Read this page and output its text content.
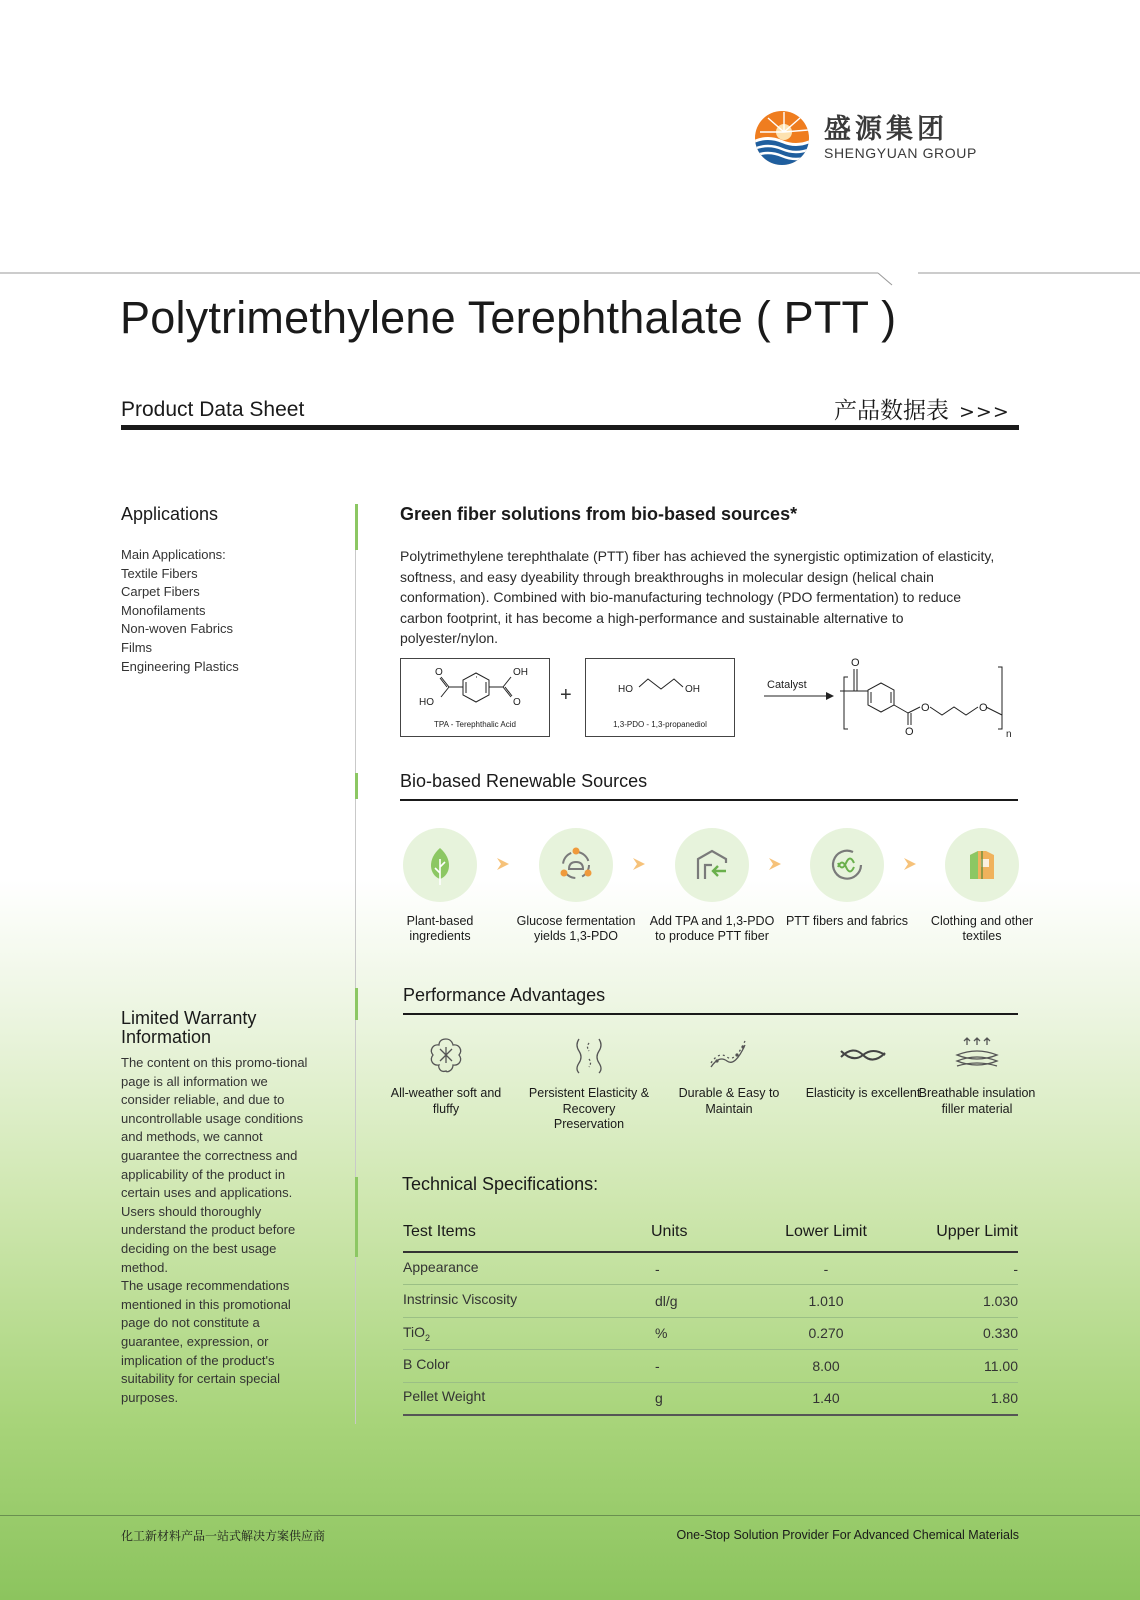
盛源集团
SHENGYUAN GROUP
Polytrimethylene Terephthalate ( PTT )
Product Data Sheet	产品数据表 >>>
Applications
Main Applications:
Textile Fibers
Carpet Fibers
Monofilaments
Non-woven Fabrics
Films
Engineering Plastics
Limited Warranty Information

The content on this promo-tional page is all information we consider reliable, and due to uncontrollable usage conditions and methods, we cannot guarantee the correctness and applicability of the product in certain uses and applications.

Users should thoroughly understand the product before deciding on the best usage method.

The usage recommendations mentioned in this promotional page do not constitute a guarantee, expression, or implication of the product's suitability for certain special purposes.

Green fiber solutions from bio-based sources*
Polytrimethylene terephthalate (PTT) fiber has achieved the synergistic optimization of elasticity, softness, and easy dyeability through breakthroughs in molecular design (helical chain conformation). Combined with bio-manufacturing technology (PDO fermentation) to reduce carbon footprint, it has become a high-performance and sustainable alternative to polyester/nylon.
O
HO
OH
O
TPA - Terephthalic Acid
+	HO	OH
1,3-PDO - 1,3-propanediol
Catalyst
O
O
O	O
n
Bio-based Renewable Sources
Plant-based ingredients
Glucose fermentation yields 1,3-PDO
Add TPA and 1,3-PDO to produce PTT fiber
PTT fibers and fabrics	Clothing and other textiles
Performance Advantages
All-weather soft and fluffy
Persistent Elasticity & Recovery Preservation
Durable & Easy to Maintain
Elasticity is excellent
Breathable insulation filler material
Technical Specifications:
Test Items	Units	Lower Limit	Upper Limit
Appearance	-	-	-
Instrinsic Viscosity	dl/g	1.010	1.030
TiO$_2$	%	0.270	0.330
B Color	-	8.00	11.00
Pellet Weight	g	1.40	1.80
化工新材料产品一站式解决方案供应商	One-Stop Solution Provider For Advanced Chemical Materials
